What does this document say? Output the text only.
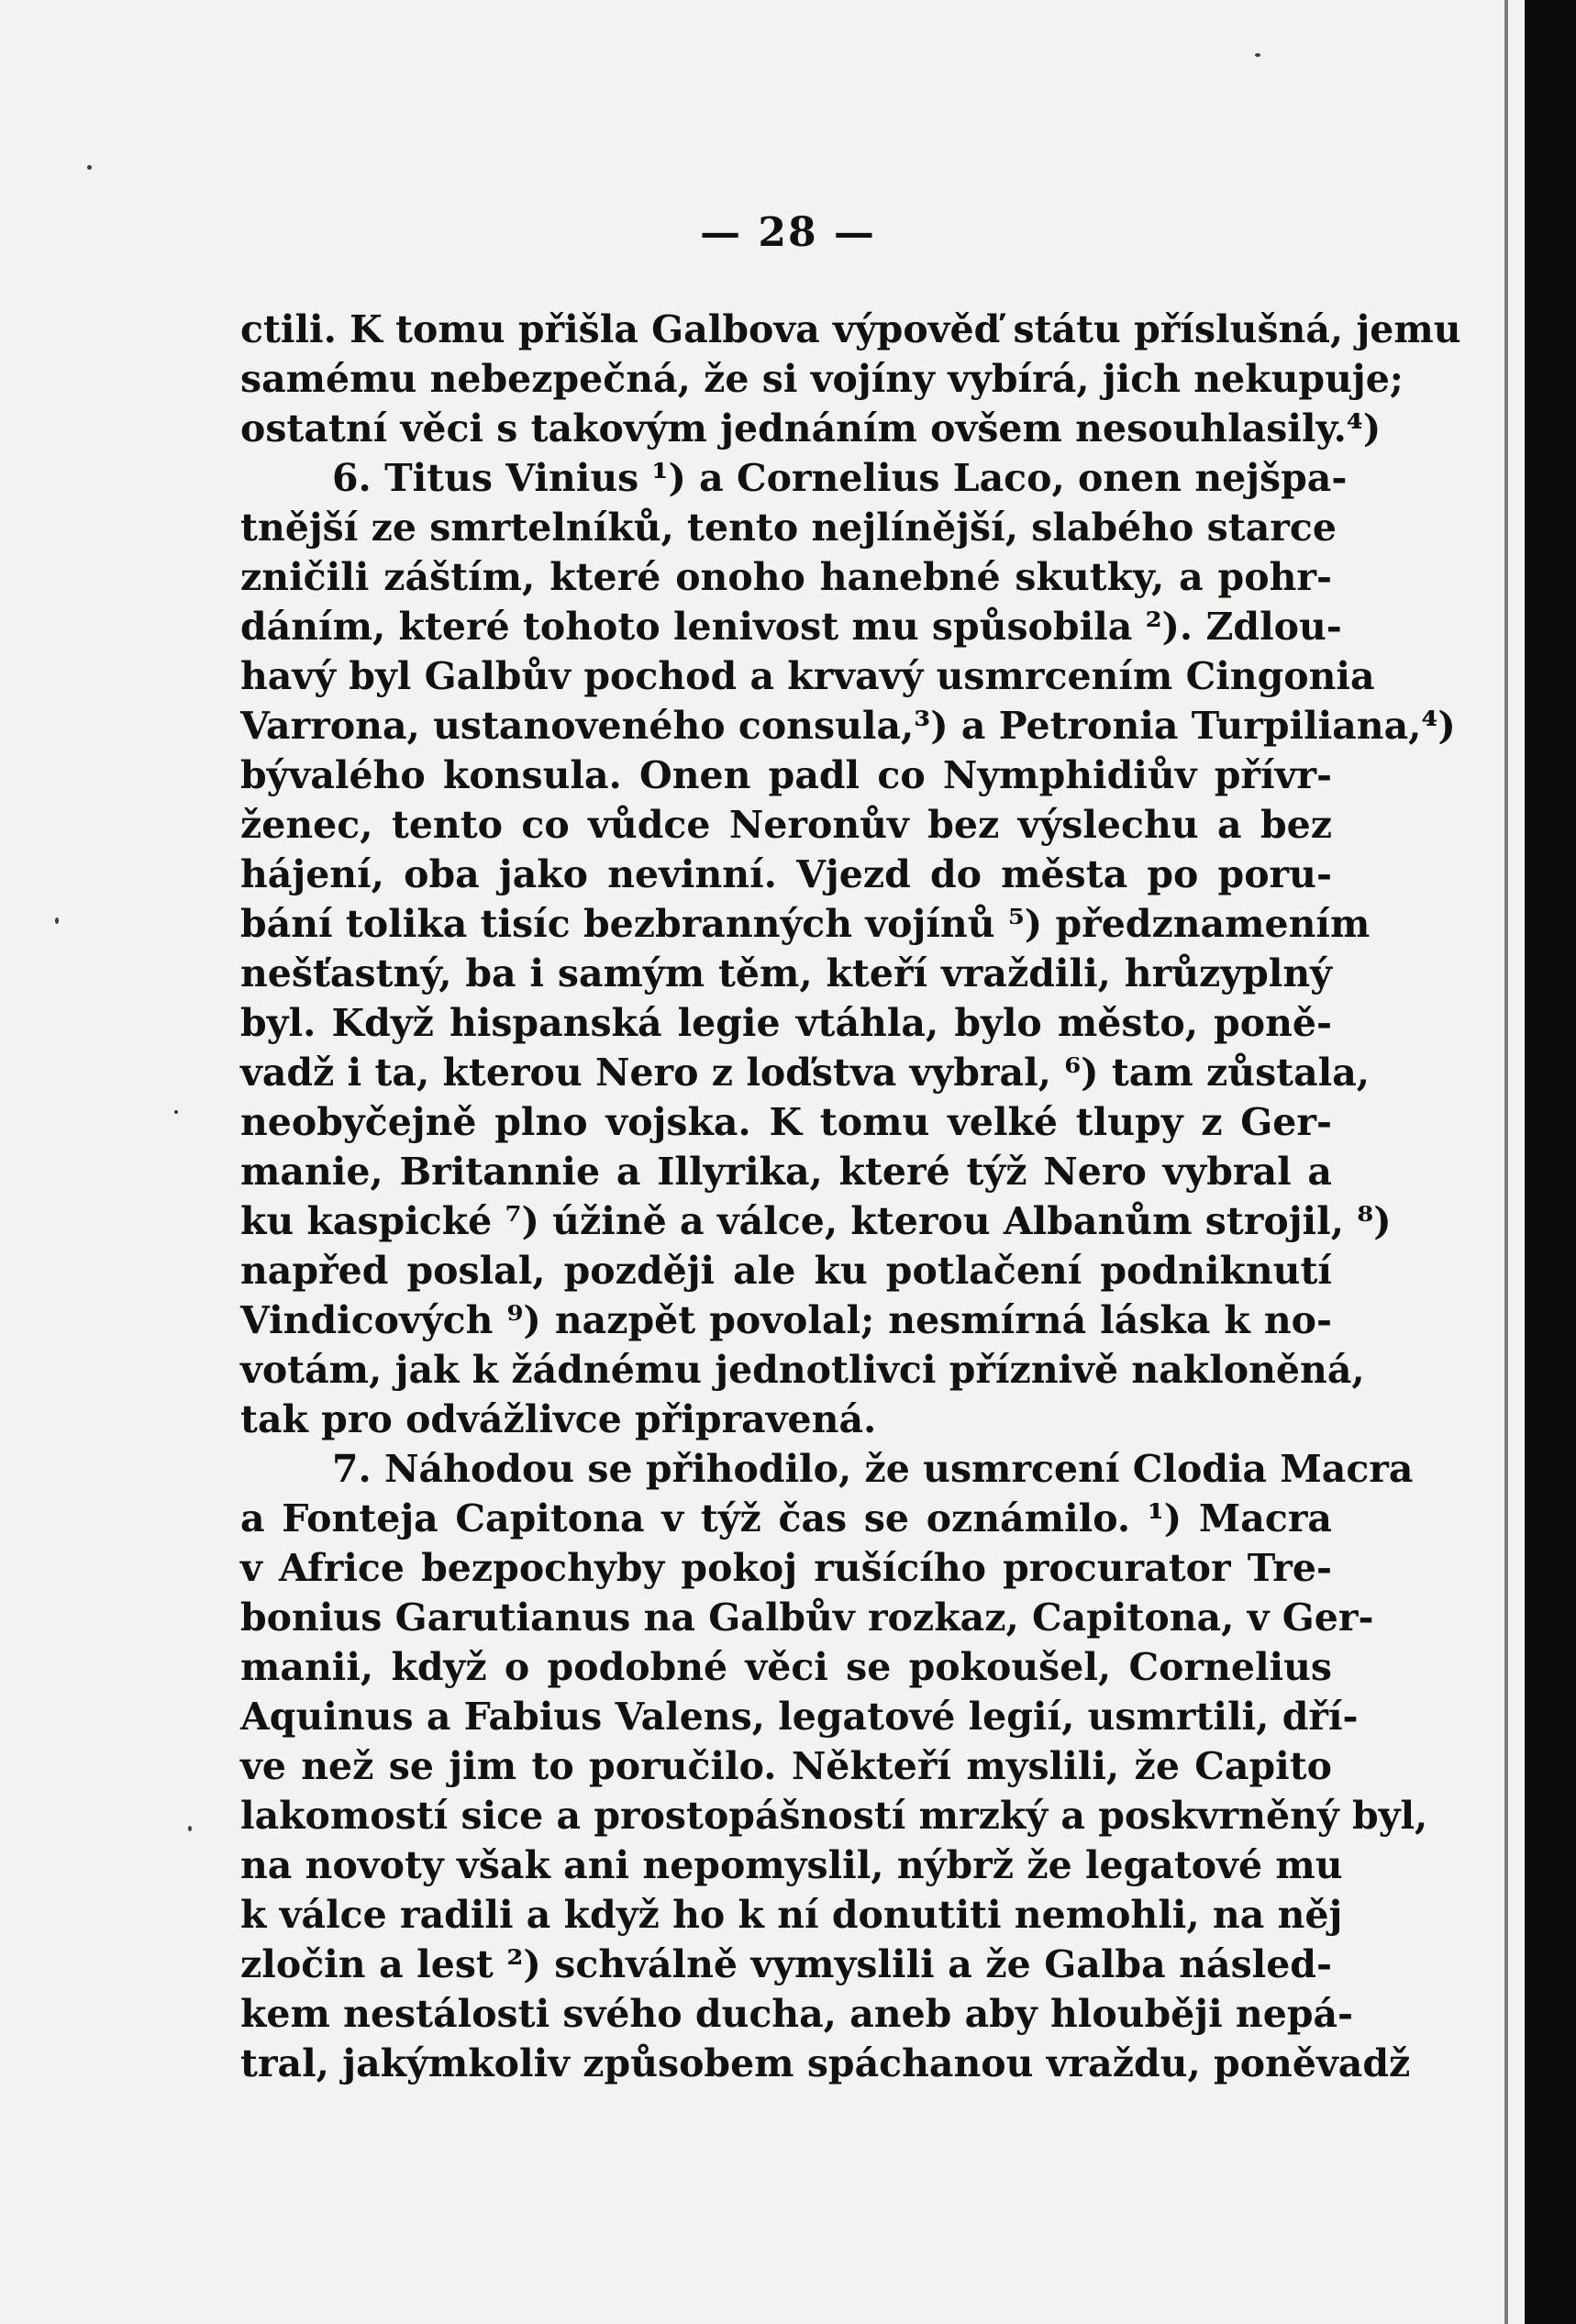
— 28 —
ctili. K tomu přišla Galbova výpověď státu příslušná, jemu
samému nebezpečná, že si vojíny vybírá, jich nekupuje;
ostatní věci s takovým jednáním ovšem nesouhlasily.⁴)
6. Titus Vinius ¹) a Cornelius Laco, onen nejšpa-
tnější ze smrtelníků, tento nejlínější, slabého starce
zničili záštím, které onoho hanebné skutky, a pohr-
dáním, které tohoto lenivost mu spůsobila ²). Zdlou-
havý byl Galbův pochod a krvavý usmrcením Cingonia
Varrona, ustanoveného consula,³) a Petronia Turpiliana,⁴)
bývalého konsula. Onen padl co Nymphidiův přívr-
ženec, tento co vůdce Neronův bez výslechu a bez
hájení, oba jako nevinní. Vjezd do města po poru-
bání tolika tisíc bezbranných vojínů ⁵) předznamením
nešťastný, ba i samým těm, kteří vraždili, hrůzyplný
byl. Když hispanská legie vtáhla, bylo město, poně-
vadž i ta, kterou Nero z loďstva vybral, ⁶) tam zůstala,
neobyčejně plno vojska. K tomu velké tlupy z Ger-
manie, Britannie a Illyrika, které týž Nero vybral a
ku kaspické ⁷) úžině a válce, kterou Albanům strojil, ⁸)
napřed poslal, později ale ku potlačení podniknutí
Vindicových ⁹) nazpět povolal; nesmírná láska k no-
votám, jak k žádnému jednotlivci příznivě nakloněná,
tak pro odvážlivce připravená.
7. Náhodou se přihodilo, že usmrcení Clodia Macra
a Fonteja Capitona v týž čas se oznámilo. ¹) Macra
v Africe bezpochyby pokoj rušícího procurator Tre-
bonius Garutianus na Galbův rozkaz, Capitona, v Ger-
manii, když o podobné věci se pokoušel, Cornelius
Aquinus a Fabius Valens, legatové legií, usmrtili, dří-
ve než se jim to poručilo. Někteří myslili, že Capito
lakomostí sice a prostopášností mrzký a poskvrněný byl,
na novoty však ani nepomyslil, nýbrž že legatové mu
k válce radili a když ho k ní donutiti nemohli, na něj
zločin a lest ²) schválně vymyslili a že Galba násled-
kem nestálosti svého ducha, aneb aby hlouběji nepá-
tral, jakýmkoliv způsobem spáchanou vraždu, poněvadž
